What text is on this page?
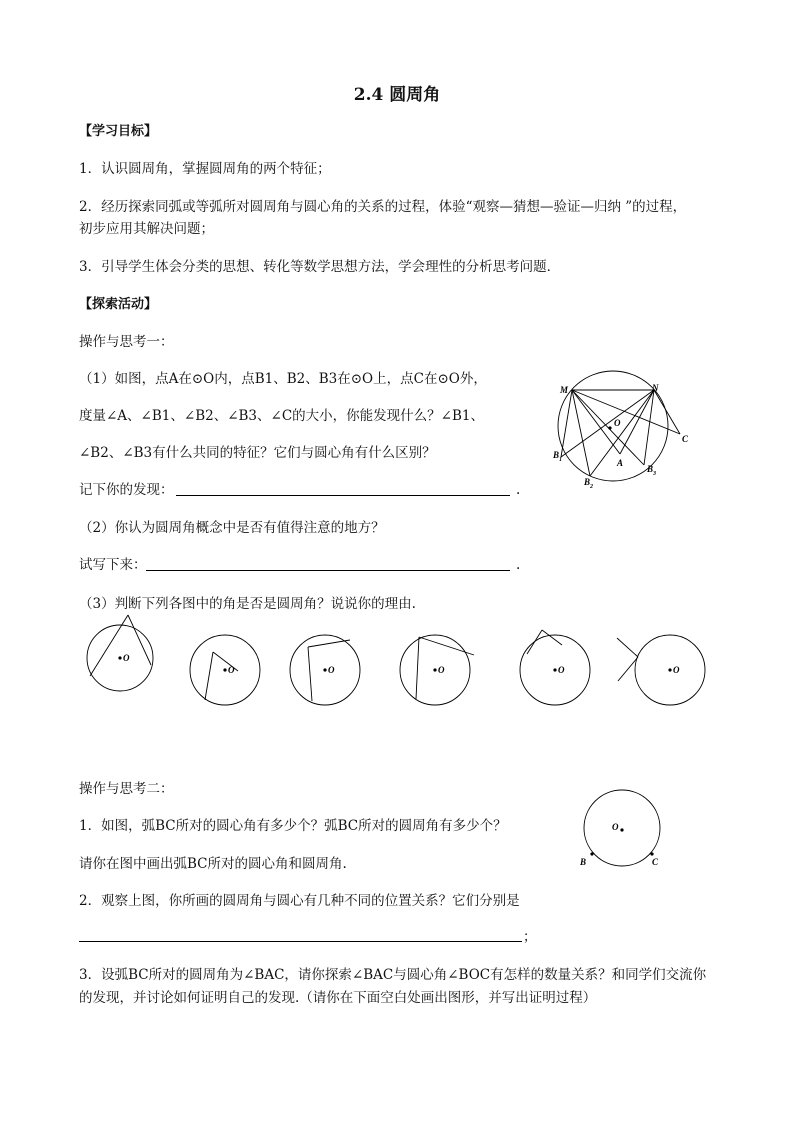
2.4 圆周角
【学习目标】
1．认识圆周角，掌握圆周角的两个特征；
2．经历探索同弧或等弧所对圆周角与圆心角的关系的过程，体验“观察—猜想—验证—归纳 ”的过程，
初步应用其解决问题；
3．引导学生体会分类的思想、转化等数学思想方法，学会理性的分析思考问题．
【探索活动】
操作与思考一：
（1）如图，点A在⊙O内，点B1、B2、B3在⊙O上，点C在⊙O外，
度量∠A、∠B1、∠B2、∠B3、∠C的大小，你能发现什么？∠B1、
∠B2、∠B3有什么共同的特征？它们与圆心角有什么区别？
记下你的发现：	.
（2）你认为圆周角概念中是否有值得注意的地方？
试写下来：	.
（3）判断下列各图中的角是否是圆周角？说说你的理由.
M	N
O
C
A
$B_1$
$B_2$
$B_3$
O
O	O	O	O	O
操作与思考二：
1．如图，弧BC所对的圆心角有多少个？弧BC所对的圆周角有多少个？
请你在图中画出弧BC所对的圆心角和圆周角.
2．观察上图，你所画的圆周角与圆心有几种不同的位置关系？它们分别是
；
3．设弧BC所对的圆周角为∠BAC，请你探索∠BAC与圆心角∠BOC有怎样的数量关系？和同学们交流你
的发现，并讨论如何证明自己的发现.（请你在下面空白处画出图形，并写出证明过程）
O
B	C
